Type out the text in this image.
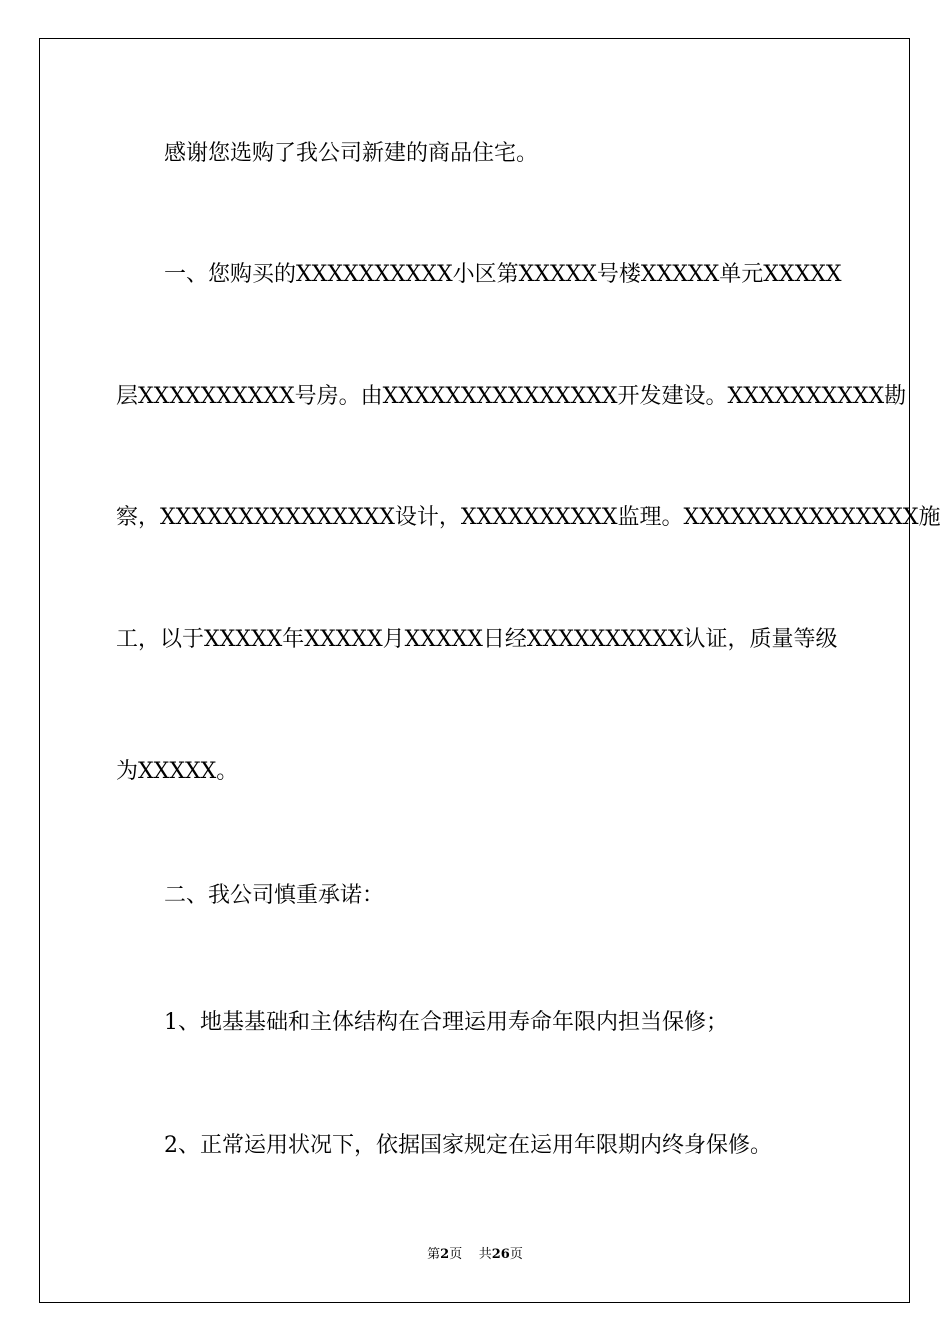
感谢您选购了我公司新建的商品住宅。
一、您购买的XXXXXXXXXX小区第XXXXX号楼XXXXX单元XXXXX
层XXXXXXXXXX号房。由XXXXXXXXXXXXXXX开发建设。XXXXXXXXXX勘
察，XXXXXXXXXXXXXXX设计，XXXXXXXXXX监理。XXXXXXXXXXXXXXX施
工，以于XXXXX年XXXXX月XXXXX日经XXXXXXXXXX认证，质量等级
为XXXXX。
二、我公司慎重承诺：
1、地基基础和主体结构在合理运用寿命年限内担当保修；
2、正常运用状况下，依据国家规定在运用年限期内终身保修。
第2页 共26页
